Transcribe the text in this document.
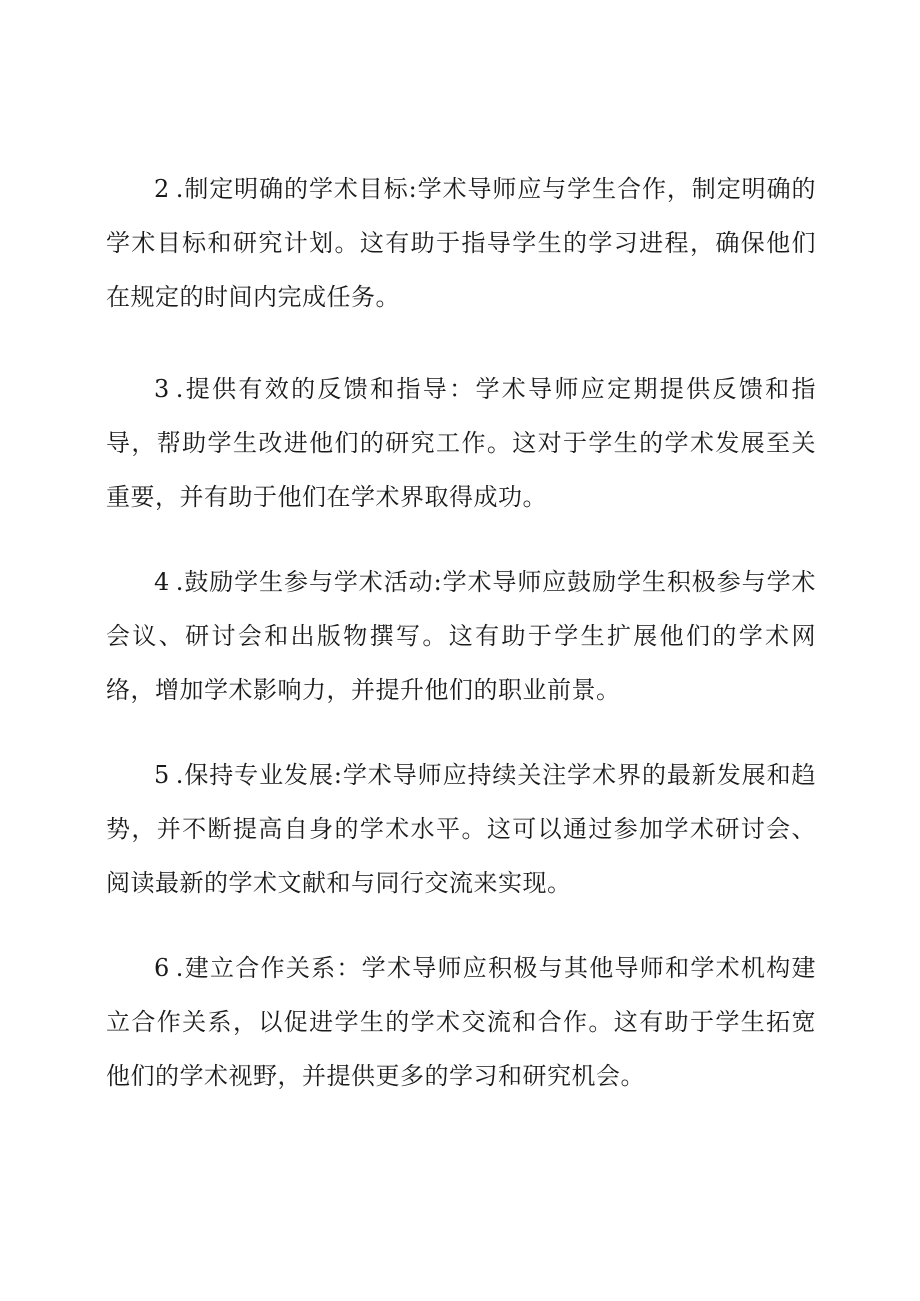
2 .制定明确的学术目标:学术导师应与学生合作，制定明确的学术目标和研究计划。这有助于指导学生的学习进程，确保他们在规定的时间内完成任务。

3 .提供有效的反馈和指导：学术导师应定期提供反馈和指导，帮助学生改进他们的研究工作。这对于学生的学术发展至关重要，并有助于他们在学术界取得成功。

4 .鼓励学生参与学术活动:学术导师应鼓励学生积极参与学术会议、研讨会和出版物撰写。这有助于学生扩展他们的学术网络，增加学术影响力，并提升他们的职业前景。

5 .保持专业发展:学术导师应持续关注学术界的最新发展和趋势，并不断提高自身的学术水平。这可以通过参加学术研讨会、阅读最新的学术文献和与同行交流来实现。

6 .建立合作关系：学术导师应积极与其他导师和学术机构建立合作关系，以促进学生的学术交流和合作。这有助于学生拓宽他们的学术视野，并提供更多的学习和研究机会。
